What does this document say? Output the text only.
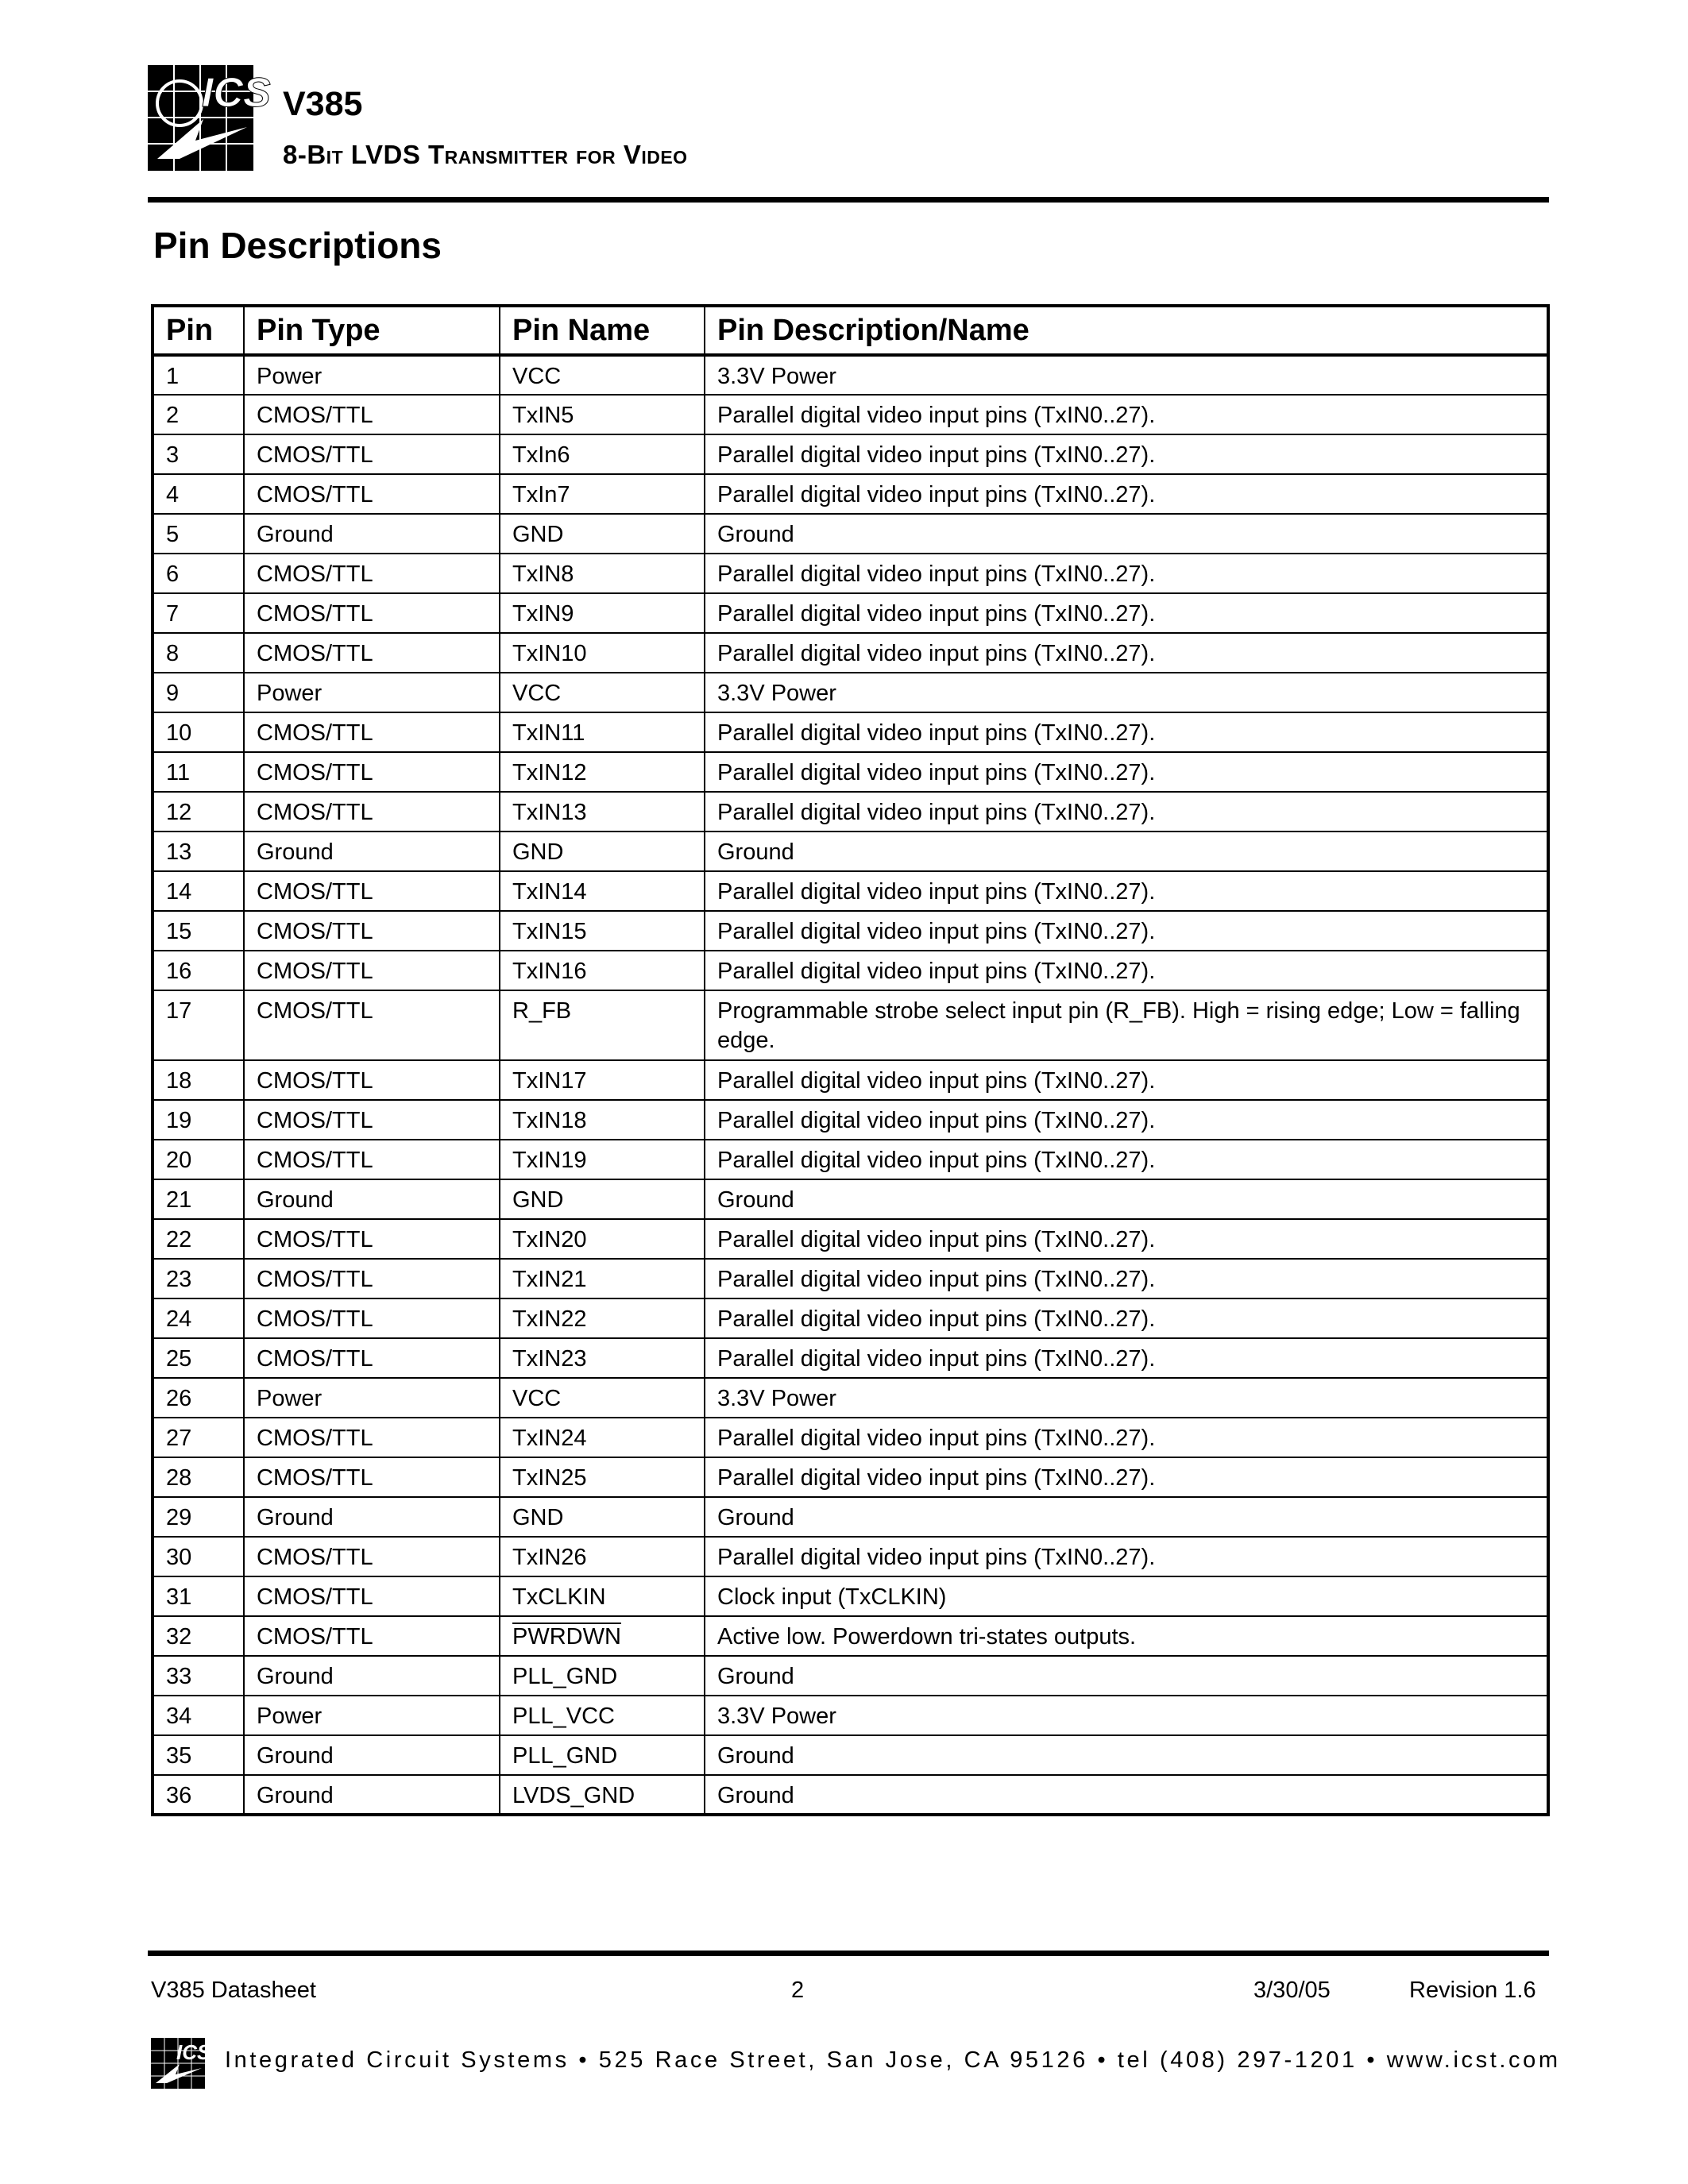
ICS V385
8-Bit LVDS Transmitter for Video
Pin Descriptions
Pin	Pin Type	Pin Name	Pin Description/Name
1	Power	VCC	3.3V Power
2	CMOS/TTL	TxIN5	Parallel digital video input pins (TxIN0..27).
3	CMOS/TTL	TxIn6	Parallel digital video input pins (TxIN0..27).
4	CMOS/TTL	TxIn7	Parallel digital video input pins (TxIN0..27).
5	Ground	GND	Ground
6	CMOS/TTL	TxIN8	Parallel digital video input pins (TxIN0..27).
7	CMOS/TTL	TxIN9	Parallel digital video input pins (TxIN0..27).
8	CMOS/TTL	TxIN10	Parallel digital video input pins (TxIN0..27).
9	Power	VCC	3.3V Power
10	CMOS/TTL	TxIN11	Parallel digital video input pins (TxIN0..27).
11	CMOS/TTL	TxIN12	Parallel digital video input pins (TxIN0..27).
12	CMOS/TTL	TxIN13	Parallel digital video input pins (TxIN0..27).
13	Ground	GND	Ground
14	CMOS/TTL	TxIN14	Parallel digital video input pins (TxIN0..27).
15	CMOS/TTL	TxIN15	Parallel digital video input pins (TxIN0..27).
16	CMOS/TTL	TxIN16	Parallel digital video input pins (TxIN0..27).
17	CMOS/TTL	R_FB	Programmable strobe select input pin (R_FB). High = rising edge; Low = falling edge.
18	CMOS/TTL	TxIN17	Parallel digital video input pins (TxIN0..27).
19	CMOS/TTL	TxIN18	Parallel digital video input pins (TxIN0..27).
20	CMOS/TTL	TxIN19	Parallel digital video input pins (TxIN0..27).
21	Ground	GND	Ground
22	CMOS/TTL	TxIN20	Parallel digital video input pins (TxIN0..27).
23	CMOS/TTL	TxIN21	Parallel digital video input pins (TxIN0..27).
24	CMOS/TTL	TxIN22	Parallel digital video input pins (TxIN0..27).
25	CMOS/TTL	TxIN23	Parallel digital video input pins (TxIN0..27).
26	Power	VCC	3.3V Power
27	CMOS/TTL	TxIN24	Parallel digital video input pins (TxIN0..27).
28	CMOS/TTL	TxIN25	Parallel digital video input pins (TxIN0..27).
29	Ground	GND	Ground
30	CMOS/TTL	TxIN26	Parallel digital video input pins (TxIN0..27).
31	CMOS/TTL	TxCLKIN	Clock input (TxCLKIN)
32	CMOS/TTL	PWRDWN	Active low. Powerdown tri-states outputs.
33	Ground	PLL_GND	Ground
34	Power	PLL_VCC	3.3V Power
35	Ground	PLL_GND	Ground
36	Ground	LVDS_GND	Ground
V385 Datasheet	2	3/30/05	Revision 1.6
ICS Integrated Circuit Systems • 525 Race Street, San Jose, CA 95126 • tel (408) 297-1201 • www.icst.com
